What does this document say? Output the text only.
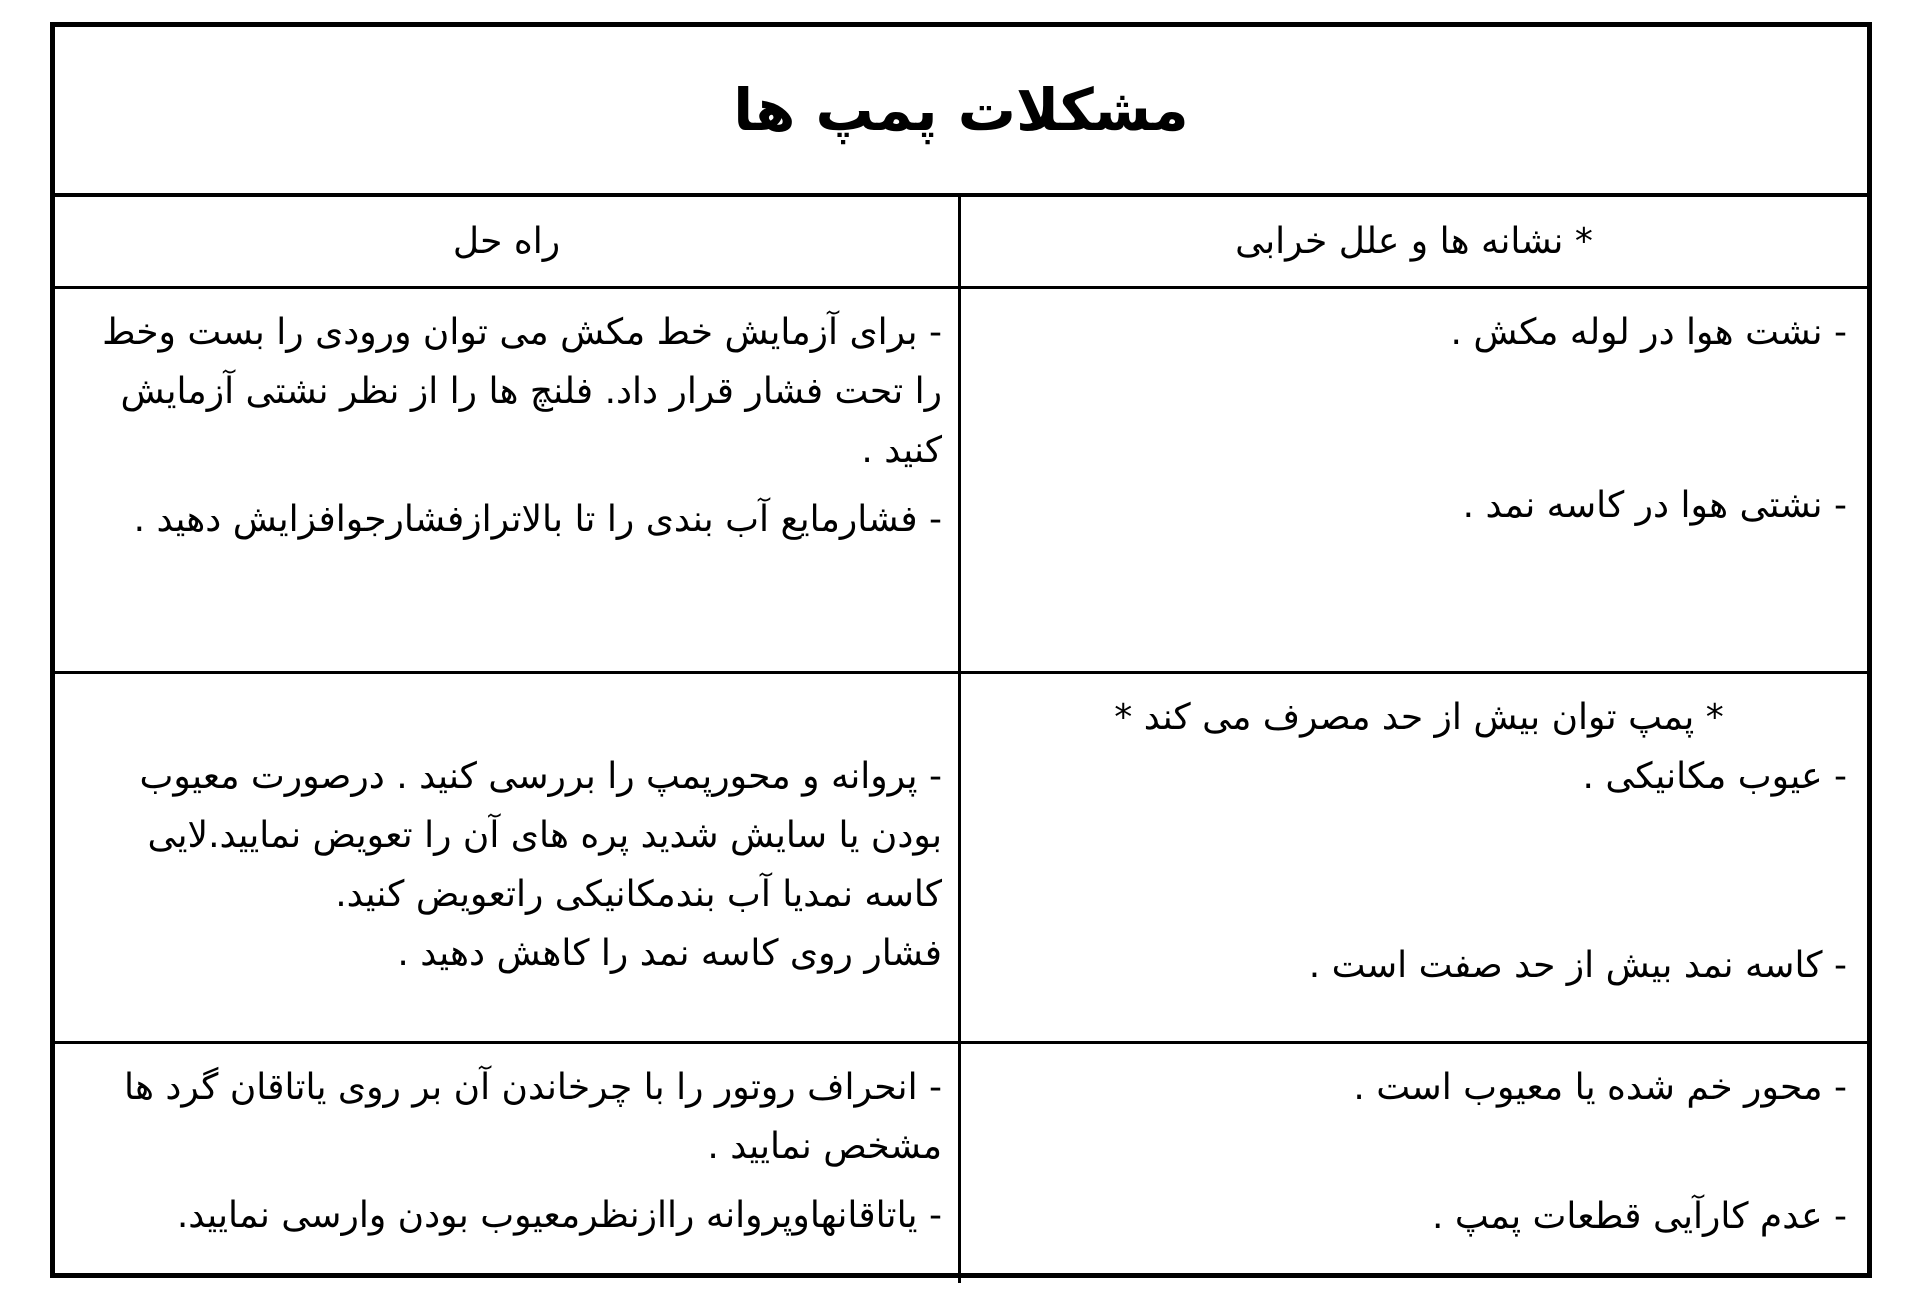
مشکلات پمپ ها
* نشانه ها و علل خرابی
راه حل

- نشت هوا در لوله مکش .

- نشتی هوا در کاسه نمد .

- برای آزمایش خط مکش می توان ورودی را بست وخط را تحت فشار قرار داد. فلنچ ها را از نظر نشتی آزمایش کنید .

- فشارمایع آب بندی را تا بالاترازفشارجوافزایش دهید .

* پمپ توان بیش از حد مصرف می کند *

- عیوب مکانیکی .

- کاسه نمد بیش از حد صفت است .

- پروانه و محورپمپ را بررسی کنید . درصورت معیوب بودن یا سایش شدید پره های آن را تعویض نمایید.لایی کاسه نمدیا آب بندمکانیکی راتعویض کنید.

فشار روی کاسه نمد را کاهش دهید .

- محور خم شده یا معیوب است .

- عدم کارآیی قطعات پمپ .

- انحراف روتور را با چرخاندن آن بر روی یاتاقان گرد ها مشخص نمایید .

- یاتاقانهاوپروانه راازنظرمعیوب بودن وارسی نمایید.
